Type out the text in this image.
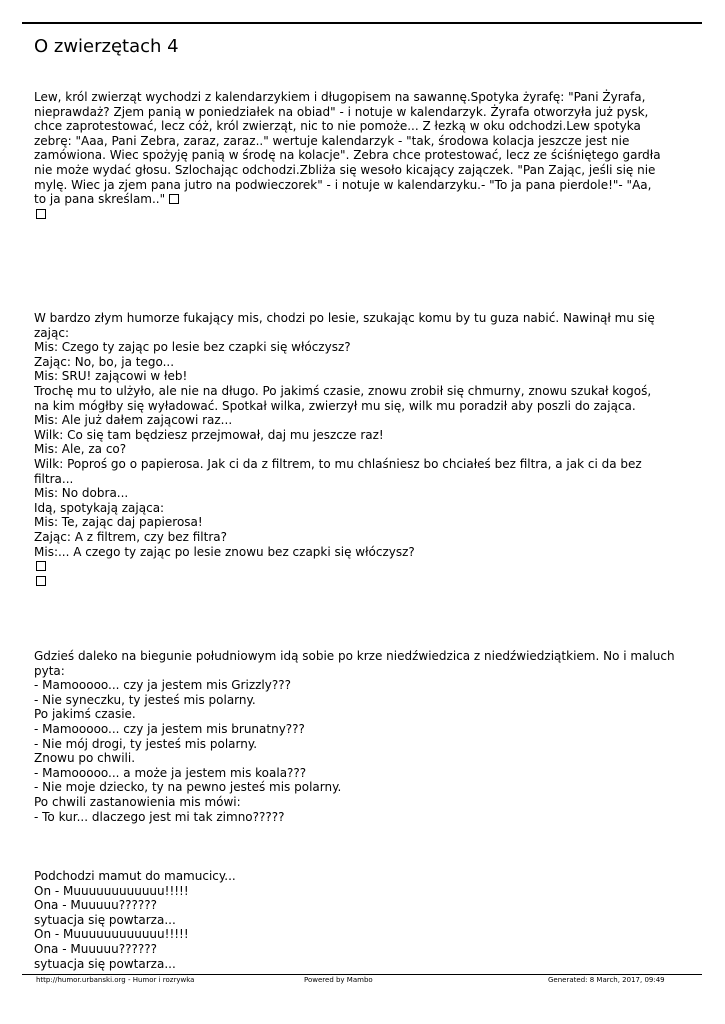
O zwierzętach 4
Lew, król zwierząt wychodzi z kalendarzykiem i długopisem na sawannę.Spotyka żyrafę: "Pani Żyrafa,
nieprawdaż? Zjem panią w poniedziałek na obiad" - i notuje w kalendarzyk. Żyrafa otworzyła już pysk,
chce zaprotestować, lecz cóż, król zwierząt, nic to nie pomoże... Z łezką w oku odchodzi.Lew spotyka
zebrę: "Aaa, Pani Zebra, zaraz, zaraz.." wertuje kalendarzyk - "tak, środowa kolacja jeszcze jest nie
zamówiona. Wiec spożyję panią w środę na kolacje". Zebra chce protestować, lecz ze ściśniętego gardła
nie może wydać głosu. Szlochając odchodzi.Zbliża się wesoło kicający zajączek. "Pan Zając, jeśli się nie
mylę. Wiec ja zjem pana jutro na podwieczorek" - i notuje w kalendarzyku.- "To ja pana pierdole!"- "Aa,
to ja pana skreślam.."
W bardzo złym humorze fukający mis, chodzi po lesie, szukając komu by tu guza nabić. Nawinął mu się
zając:
Mis: Czego ty zając po lesie bez czapki się włóczysz?
Zając: No, bo, ja tego...
Mis: SRU! zającowi w łeb!
Trochę mu to ulżyło, ale nie na długo. Po jakimś czasie, znowu zrobił się chmurny, znowu szukał kogoś,
na kim mógłby się wyładować. Spotkał wilka, zwierzył mu się, wilk mu poradził aby poszli do zająca.
Mis: Ale już dałem zającowi raz...
Wilk: Co się tam będziesz przejmował, daj mu jeszcze raz!
Mis: Ale, za co?
Wilk: Poproś go o papierosa. Jak ci da z filtrem, to mu chlaśniesz bo chciałeś bez filtra, a jak ci da bez
filtra...
Mis: No dobra...
Idą, spotykają zająca:
Mis: Te, zając daj papierosa!
Zając: A z filtrem, czy bez filtra?
Mis:... A czego ty zając po lesie znowu bez czapki się włóczysz?
Gdzieś daleko na biegunie południowym idą sobie po krze niedźwiedzica z niedźwiedziątkiem. No i maluch
pyta:
- Mamooooo... czy ja jestem mis Grizzly???
- Nie syneczku, ty jesteś mis polarny.
Po jakimś czasie.
- Mamooooo... czy ja jestem mis brunatny???
- Nie mój drogi, ty jesteś mis polarny.
Znowu po chwili.
- Mamooooo... a może ja jestem mis koala???
- Nie moje dziecko, ty na pewno jesteś mis polarny.
Po chwili zastanowienia mis mówi:
- To kur... dlaczego jest mi tak zimno?????
Podchodzi mamut do mamucicy...
On - Muuuuuuuuuuuu!!!!!
Ona - Muuuuu??????
sytuacja się powtarza...
On - Muuuuuuuuuuuu!!!!!
Ona - Muuuuu??????
sytuacja się powtarza...
http://humor.urbanski.org - Humor i rozrywka	Powered by Mambo	Generated: 8 March, 2017, 09:49
